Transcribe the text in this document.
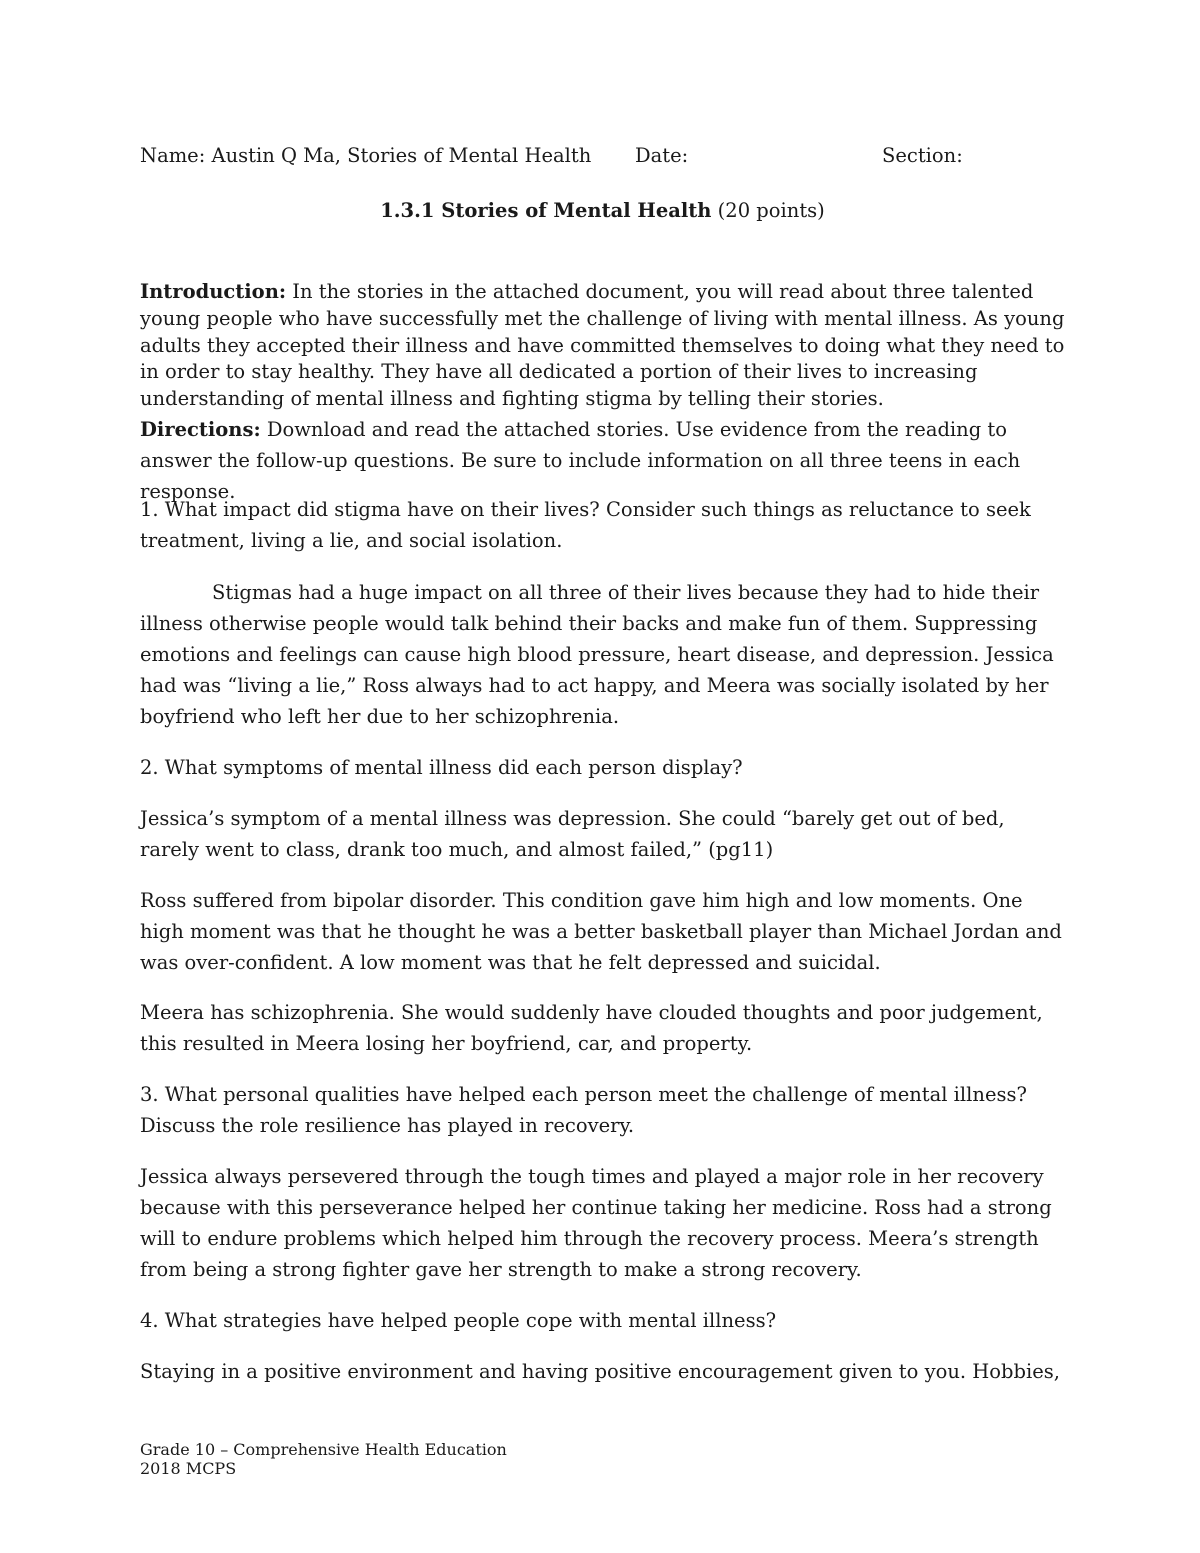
Name: Austin Q Ma, Stories of Mental Health Date:	Section:
1.3.1 Stories of Mental Health (20 points)
Introduction: In the stories in the attached document, you will read about three talented young people who have successfully met the challenge of living with mental illness. As young adults they accepted their illness and have committed themselves to doing what they need to in order to stay healthy. They have all dedicated a portion of their lives to increasing understanding of mental illness and fighting stigma by telling their stories.
Directions: Download and read the attached stories. Use evidence from the reading to answer the follow-up questions. Be sure to include information on all three teens in each response.

1. What impact did stigma have on their lives? Consider such things as reluctance to seek treatment, living a lie, and social isolation.

Stigmas had a huge impact on all three of their lives because they had to hide their illness otherwise people would talk behind their backs and make fun of them. Suppressing emotions and feelings can cause high blood pressure, heart disease, and depression. Jessica had was “living a lie,” Ross always had to act happy, and Meera was socially isolated by her boyfriend who left her due to her schizophrenia.

2. What symptoms of mental illness did each person display?

Jessica’s symptom of a mental illness was depression. She could “barely get out of bed, rarely went to class, drank too much, and almost failed,” (pg11)

Ross suffered from bipolar disorder. This condition gave him high and low moments. One high moment was that he thought he was a better basketball player than Michael Jordan and was over-confident. A low moment was that he felt depressed and suicidal.

Meera has schizophrenia. She would suddenly have clouded thoughts and poor judgement, this resulted in Meera losing her boyfriend, car, and property.

3. What personal qualities have helped each person meet the challenge of mental illness? Discuss the role resilience has played in recovery.

Jessica always persevered through the tough times and played a major role in her recovery because with this perseverance helped her continue taking her medicine. Ross had a strong will to endure problems which helped him through the recovery process. Meera’s strength from being a strong fighter gave her strength to make a strong recovery.

4. What strategies have helped people cope with mental illness?

Staying in a positive environment and having positive encouragement given to you. Hobbies,

Grade 10 – Comprehensive Health Education
2018 MCPS
